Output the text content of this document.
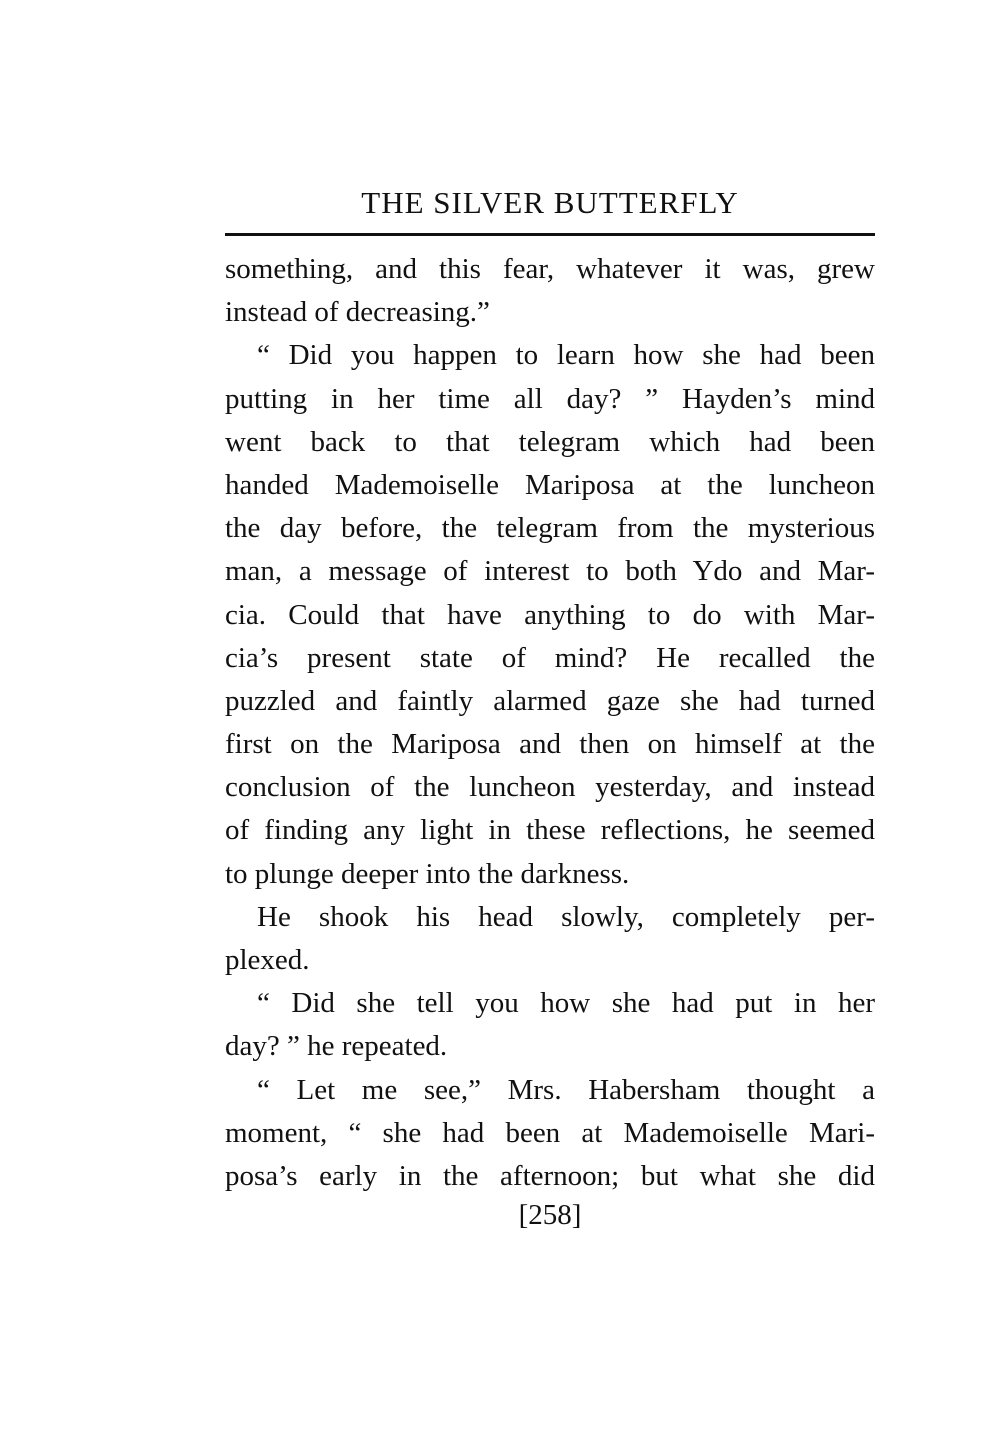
THE SILVER BUTTERFLY
something, and this fear, whatever it was, grew
instead of decreasing.”
“ Did you happen to learn how she had been
putting in her time all day? ” Hayden’s mind
went back to that telegram which had been
handed Mademoiselle Mariposa at the luncheon
the day before, the telegram from the mysterious
man, a message of interest to both Ydo and Mar-
cia. Could that have anything to do with Mar-
cia’s present state of mind? He recalled the
puzzled and faintly alarmed gaze she had turned
first on the Mariposa and then on himself at the
conclusion of the luncheon yesterday, and instead
of finding any light in these reflections, he seemed
to plunge deeper into the darkness.
He shook his head slowly, completely per-
plexed.
“ Did she tell you how she had put in her
day? ” he repeated.
“ Let me see,” Mrs. Habersham thought a
moment, “ she had been at Mademoiselle Mari-
posa’s early in the afternoon; but what she did
[258]
